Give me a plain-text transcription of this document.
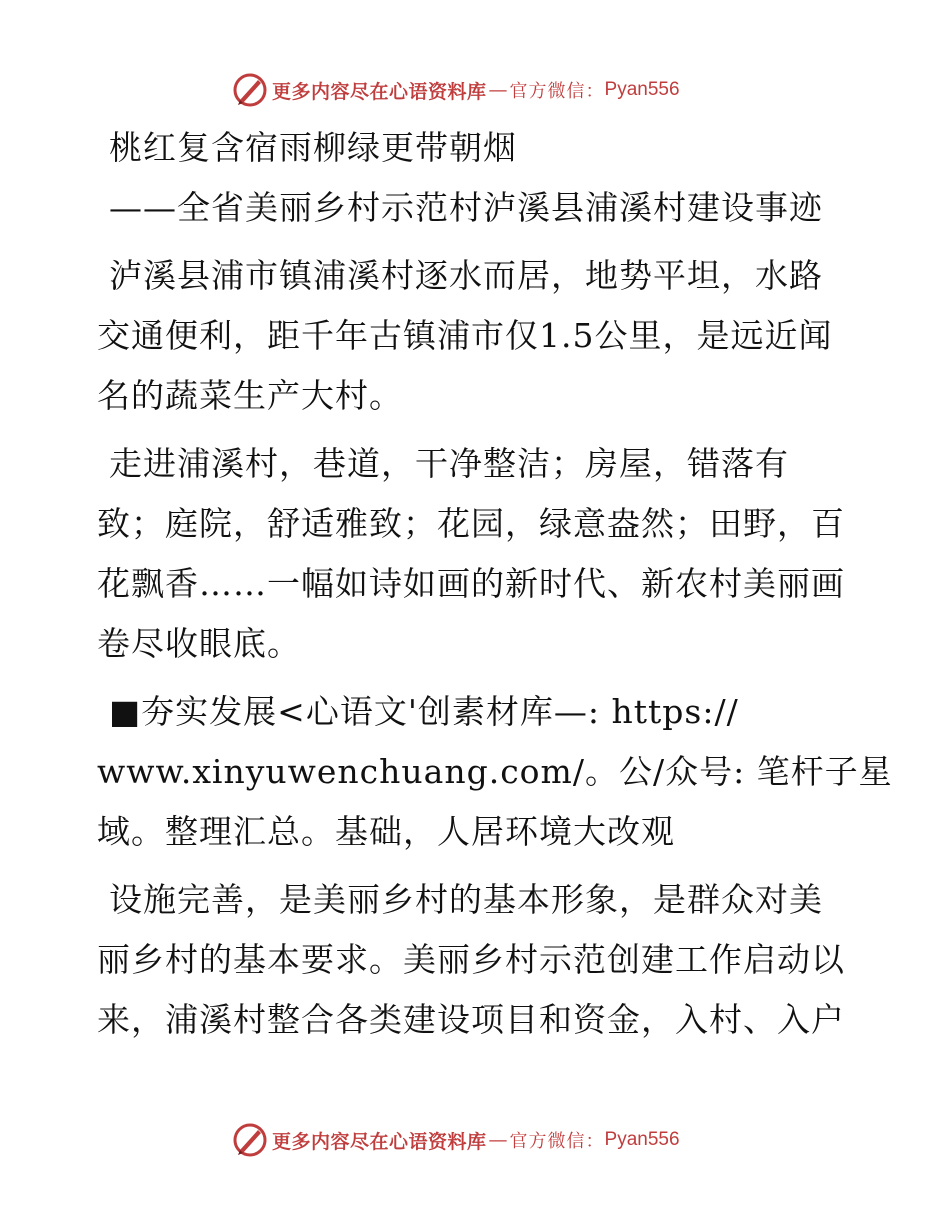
更多内容尽在心语资料库 — 官方微信： Pyan556
桃红复含宿雨柳绿更带朝烟
——全省美丽乡村示范村泸溪县浦溪村建设事迹
泸溪县浦市镇浦溪村逐水而居，地势平坦，水路
交通便利，距千年古镇浦市仅1.5公里，是远近闻
名的蔬菜生产大村。
走进浦溪村，巷道，干净整洁；房屋，错落有
致；庭院，舒适雅致；花园，绿意盎然；田野，百
花飘香……一幅如诗如画的新时代、新农村美丽画
卷尽收眼底。
■夯实发展<心语文'创素材库—: https://
www.xinyuwenchuang.com/。公/众号: 笔杆子星
域。整理汇总。基础，人居环境大改观
设施完善，是美丽乡村的基本形象，是群众对美
丽乡村的基本要求。美丽乡村示范创建工作启动以
来，浦溪村整合各类建设项目和资金，入村、入户
更多内容尽在心语资料库 — 官方微信： Pyan556
